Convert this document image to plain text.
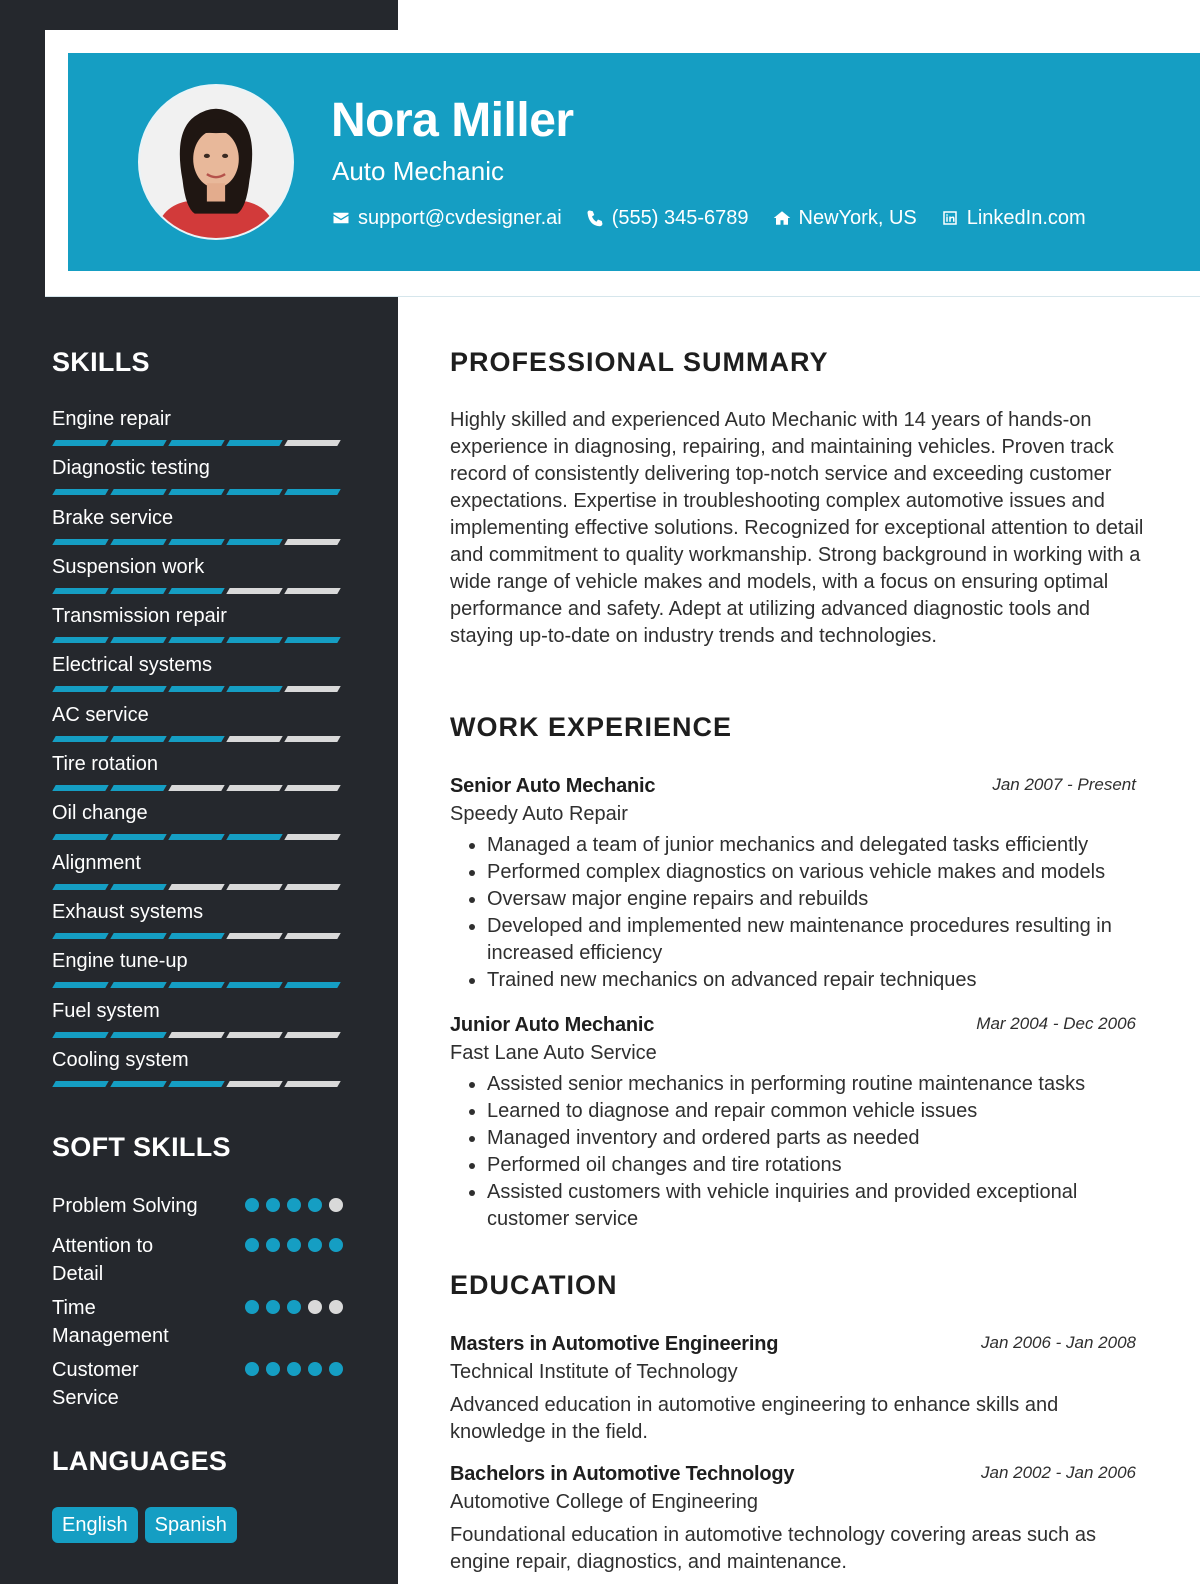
Nora Miller
Auto Mechanic
support@cvdesigner.ai	(555) 345-6789	NewYork, US	LinkedIn.com
SKILLS
Engine repair
Diagnostic testing
Brake service
Suspension work
Transmission repair
Electrical systems
AC service
Tire rotation
Oil change
Alignment
Exhaust systems
Engine tune-up
Fuel system
Cooling system
SOFT SKILLS
Problem Solving
Attention to Detail
Time Management
Customer Service
LANGUAGES
English	Spanish
PROFESSIONAL SUMMARY

Highly skilled and experienced Auto Mechanic with 14 years of hands-on experience in diagnosing, repairing, and maintaining vehicles. Proven track record of consistently delivering top-notch service and exceeding customer expectations. Expertise in troubleshooting complex automotive issues and implementing effective solutions. Recognized for exceptional attention to detail and commitment to quality workmanship. Strong background in working with a wide range of vehicle makes and models, with a focus on ensuring optimal performance and safety. Adept at utilizing advanced diagnostic tools and staying up-to-date on industry trends and technologies.

WORK EXPERIENCE
Senior Auto Mechanic	Jan 2007 - Present
Speedy Auto Repair
• Managed a team of junior mechanics and delegated tasks efficiently
• Performed complex diagnostics on various vehicle makes and models
• Oversaw major engine repairs and rebuilds
• Developed and implemented new maintenance procedures resulting in increased efficiency
• Trained new mechanics on advanced repair techniques
Junior Auto Mechanic	Mar 2004 - Dec 2006
Fast Lane Auto Service
• Assisted senior mechanics in performing routine maintenance tasks
• Learned to diagnose and repair common vehicle issues
• Managed inventory and ordered parts as needed
• Performed oil changes and tire rotations
• Assisted customers with vehicle inquiries and provided exceptional customer service
EDUCATION
Masters in Automotive Engineering	Jan 2006 - Jan 2008
Technical Institute of Technology

Advanced education in automotive engineering to enhance skills and knowledge in the field.

Bachelors in Automotive Technology	Jan 2002 - Jan 2006
Automotive College of Engineering

Foundational education in automotive technology covering areas such as engine repair, diagnostics, and maintenance.
